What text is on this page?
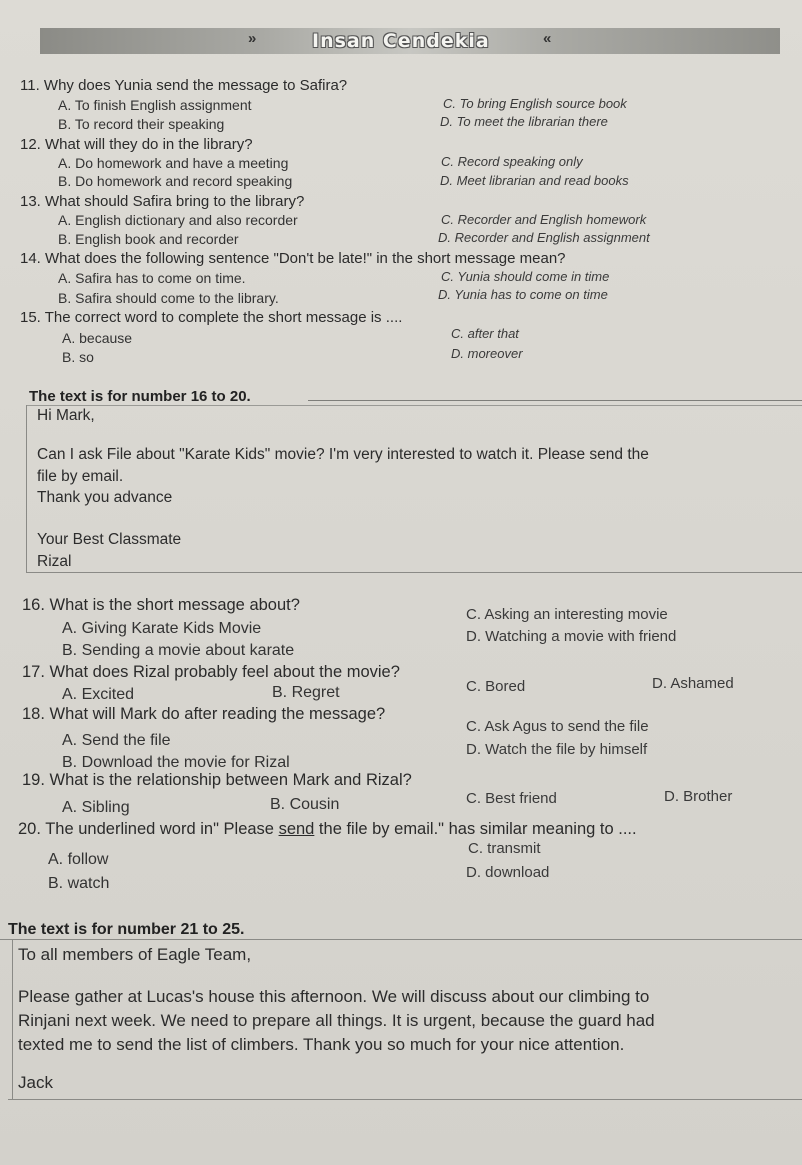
»	Insan Cendekia	«
11. Why does Yunia send the message to Safira?
A. To finish English assignment
B. To record their speaking
C. To bring English source book
D. To meet the librarian there
12. What will they do in the library?
A. Do homework and have a meeting
B. Do homework and record speaking
C. Record speaking only
D. Meet librarian and read books
13. What should Safira bring to the library?
A. English dictionary and also recorder
B. English book and recorder
C. Recorder and English homework
D. Recorder and English assignment
14. What does the following sentence "Don't be late!" in the short message mean?
A. Safira has to come on time.
B. Safira should come to the library.
C. Yunia should come in time
D. Yunia has to come on time
15. The correct word to complete the short message is ....
A. because
B. so
C. after that
D. moreover
The text is for number 16 to 20.
Hi Mark,
Can I ask File about "Karate Kids" movie? I'm very interested to watch it. Please send the
file by email.
Thank you advance
Your Best Classmate
Rizal
16. What is the short message about?
A. Giving Karate Kids Movie
B. Sending a movie about karate
C. Asking an interesting movie
D. Watching a movie with friend
17. What does Rizal probably feel about the movie?
A. Excited	B. Regret	C. Bored	D. Ashamed
18. What will Mark do after reading the message?
A. Send the file
B. Download the movie for Rizal
C. Ask Agus to send the file
D. Watch the file by himself
19. What is the relationship between Mark and Rizal?
A. Sibling	B. Cousin	C. Best friend	D. Brother
20. The underlined word in" Please send the file by email." has similar meaning to ....
A. follow
B. watch
C. transmit
D. download
The text is for number 21 to 25.
To all members of Eagle Team,
Please gather at Lucas's house this afternoon. We will discuss about our climbing to
Rinjani next week. We need to prepare all things. It is urgent, because the guard had
texted me to send the list of climbers. Thank you so much for your nice attention.
Jack
